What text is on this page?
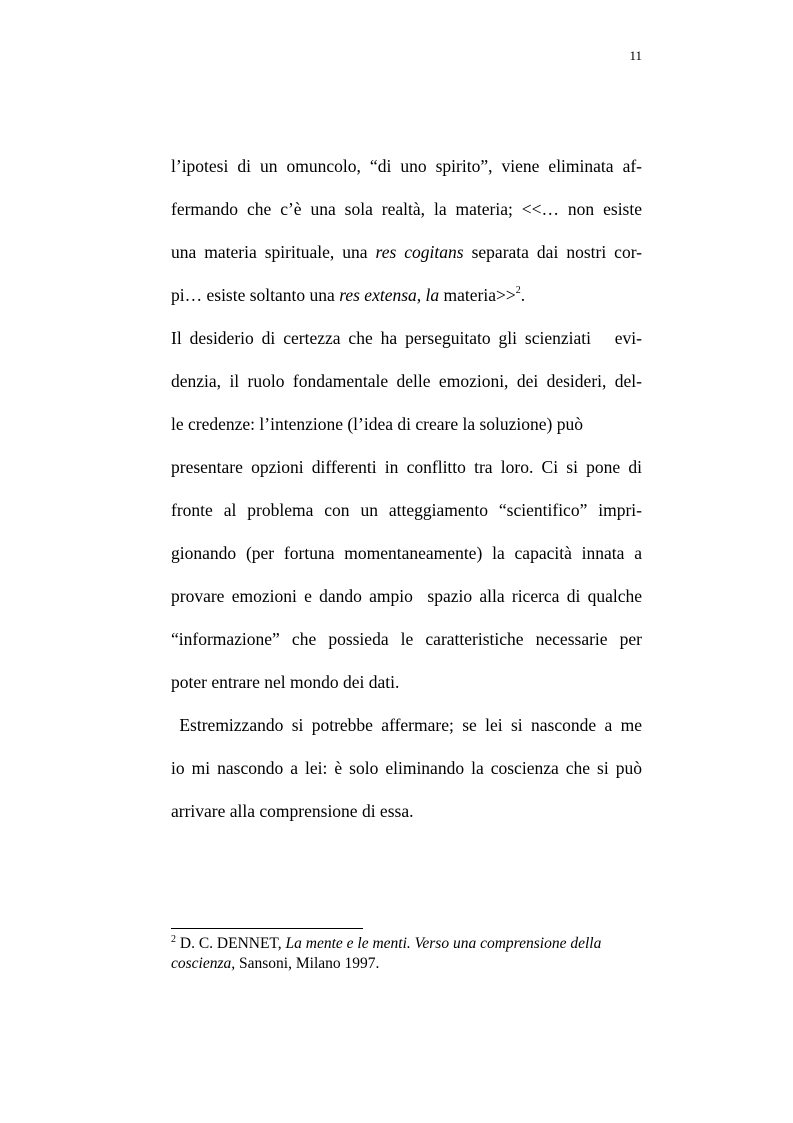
11
l’ipotesi di un omuncolo, “di uno spirito”, viene eliminata af-
fermando che c’è una sola realtà, la materia; <<… non esiste
una materia spirituale, una res cogitans separata dai nostri cor-
pi… esiste soltanto una res extensa, la materia>>$^2$.
Il desiderio di certezza che ha perseguitato gli scienziati   evi-
denzia, il ruolo fondamentale delle emozioni, dei desideri, del-
le credenze: l’intenzione (l’idea di creare la soluzione) può
presentare opzioni differenti in conflitto tra loro. Ci si pone di
fronte al problema con un atteggiamento “scientifico” impri-
gionando (per fortuna momentaneamente) la capacità innata a
provare emozioni e dando ampio  spazio alla ricerca di qualche
“informazione” che possieda le caratteristiche necessarie per
poter entrare nel mondo dei dati.
Estremizzando si potrebbe affermare; se lei si nasconde a me
io mi nascondo a lei: è solo eliminando la coscienza che si può
arrivare alla comprensione di essa.
$^2$ D. C. DENNET, La mente e le menti. Verso una comprensione della
coscienza, Sansoni, Milano 1997.
